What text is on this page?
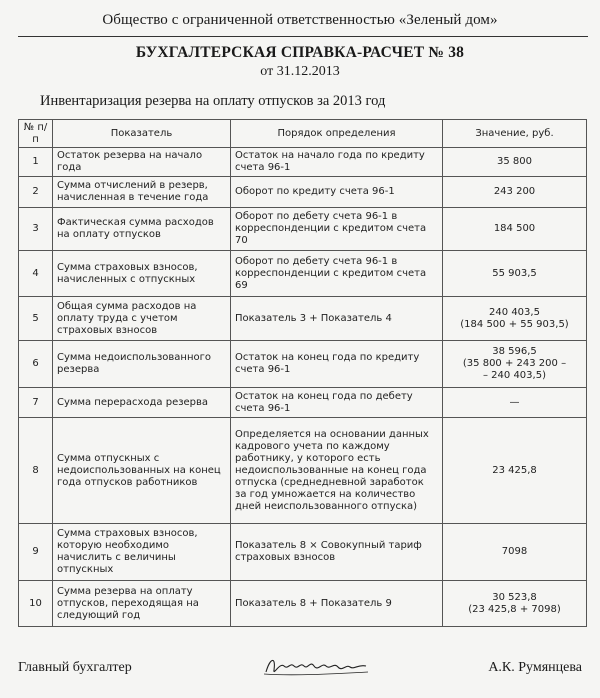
Общество с ограниченной ответственностью «Зеленый дом»
БУХГАЛТЕРСКАЯ СПРАВКА-РАСЧЕТ № 38
от 31.12.2013
Инвентаризация резерва на оплату отпусков за 2013 год
№ п/п	Показатель	Порядок определения	Значение, руб.
1	Остаток резерва на начало года	Остаток на начало года по кредиту счета 96-1	35 800
2	Сумма отчислений в резерв, начисленная в течение года	Оборот по кредиту счета 96-1	243 200
3	Фактическая сумма расходов на оплату отпусков	Оборот по дебету счета 96-1 в корреспонденции с кредитом счета 70	184 500
4	Сумма страховых взносов, начисленных с отпускных	Оборот по дебету счета 96-1 в корреспонденции с кредитом счета 69	55 903,5
5	Общая сумма расходов на оплату труда с учетом страховых взносов	Показатель 3 + Показатель 4	240 403,5
(184 500 + 55 903,5)

6	Сумма недоиспользованного резерва	Остаток на конец года по кредиту счета 96-1	38 596,5
(35 800 + 243 200 –
– 240 403,5)

7	Сумма перерасхода резерва	Остаток на конец года по дебету счета 96-1	—
8	Сумма отпускных с недоиспользованных на конец года отпусков работников	Определяется на основании данных кадрового учета по каждому работнику, у которого есть недоиспользованные на конец года отпуска (среднедневной заработок за год умножается на количество дней неиспользованного отпуска)	23 425,8
9	Сумма страховых взносов, которую необходимо начислить с величины отпускных	Показатель 8 × Совокупный тариф страховых взносов	7098
10	Сумма резерва на оплату отпусков, переходящая на следующий год	Показатель 8 + Показатель 9	30 523,8
(23 425,8 + 7098)
Главный бухгалтер	А.К. Румянцева
